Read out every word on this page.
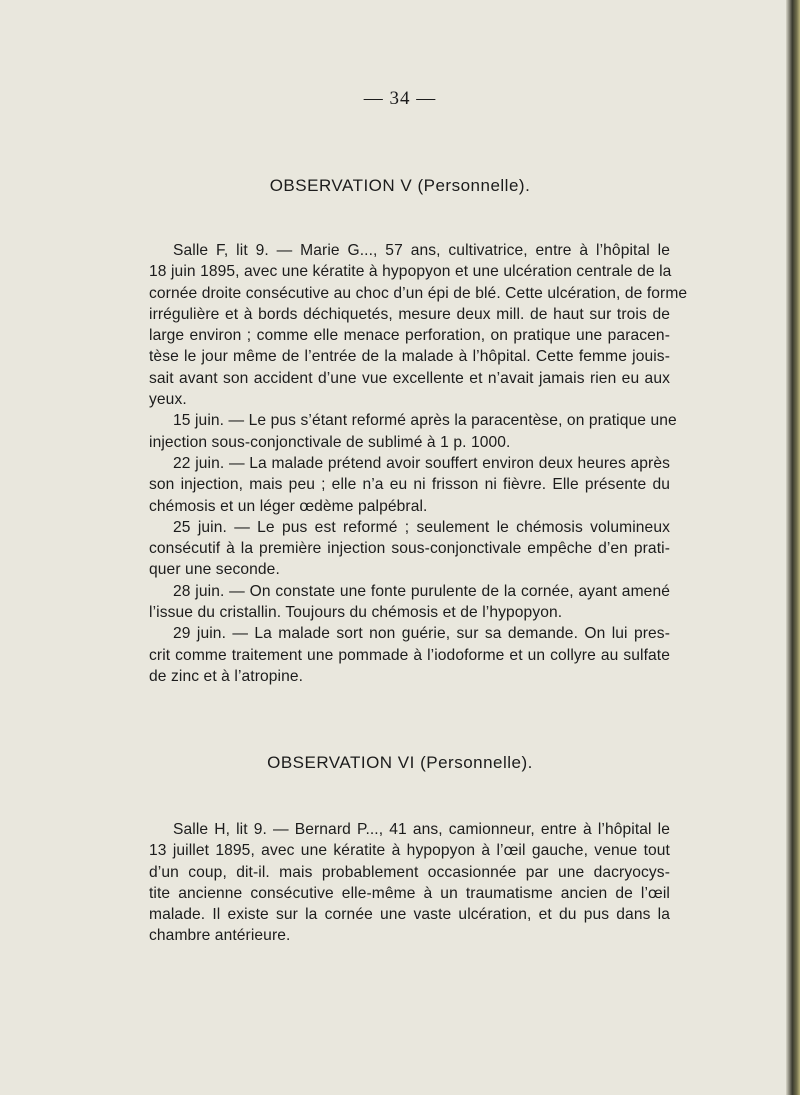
— 34 —
OBSERVATION V (Personnelle).
Salle F, lit 9. — Marie G..., 57 ans, cultivatrice, entre à l’hôpital le
18 juin 1895, avec une kératite à hypopyon et une ulcération centrale de la
cornée droite consécutive au choc d’un épi de blé. Cette ulcération, de forme
irrégulière et à bords déchiquetés, mesure deux mill. de haut sur trois de
large environ ; comme elle menace perforation, on pratique une paracen-
tèse le jour même de l’entrée de la malade à l’hôpital. Cette femme jouis-
sait avant son accident d’une vue excellente et n’avait jamais rien eu aux
yeux.
15 juin. — Le pus s’étant reformé après la paracentèse, on pratique une
injection sous-conjonctivale de sublimé à 1 p. 1000.
22 juin. — La malade prétend avoir souffert environ deux heures après
son injection, mais peu ; elle n’a eu ni frisson ni fièvre. Elle présente du
chémosis et un léger œdème palpébral.
25 juin. — Le pus est reformé ; seulement le chémosis volumineux
consécutif à la première injection sous-conjonctivale empêche d’en prati-
quer une seconde.
28 juin. — On constate une fonte purulente de la cornée, ayant amené
l’issue du cristallin. Toujours du chémosis et de l’hypopyon.
29 juin. — La malade sort non guérie, sur sa demande. On lui pres-
crit comme traitement une pommade à l’iodoforme et un collyre au sulfate
de zinc et à l’atropine.
OBSERVATION VI (Personnelle).
Salle H, lit 9. — Bernard P..., 41 ans, camionneur, entre à l’hôpital le
13 juillet 1895, avec une kératite à hypopyon à l’œil gauche, venue tout
d’un coup, dit-il. mais probablement occasionnée par une dacryocys-
tite ancienne consécutive elle-même à un traumatisme ancien de l’œil
malade. Il existe sur la cornée une vaste ulcération, et du pus dans la
chambre antérieure.
